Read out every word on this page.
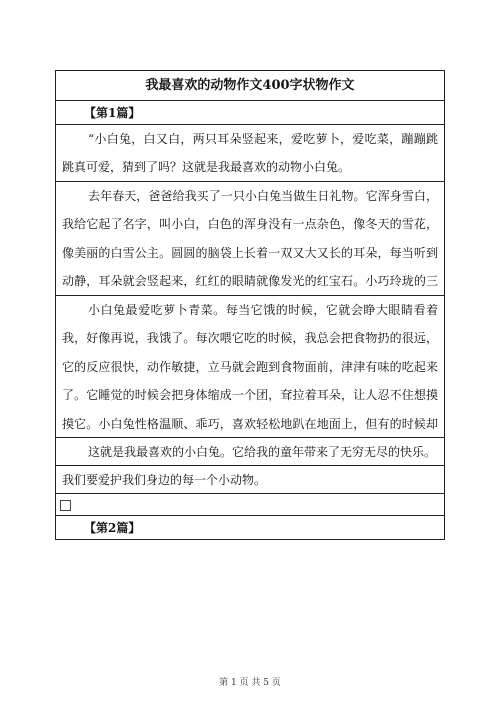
我最喜欢的动物作文400字状物作文
【第1篇】
“小白兔，白又白，两只耳朵竖起来，爱吃萝卜，爱吃菜，蹦蹦跳跳真可爱，猜到了吗？这就是我最喜欢的动物小白兔。
去年春天，爸爸给我买了一只小白兔当做生日礼物。它浑身雪白，我给它起了名字，叫小白，白色的浑身没有一点杂色，像冬天的雪花，像美丽的白雪公主。圆圆的脑袋上长着一双又大又长的耳朵，每当听到动静，耳朵就会竖起来，红红的眼睛就像发光的红宝石。小巧玲珑的三
小白兔最爱吃萝卜青菜。每当它饿的时候，它就会睁大眼睛看着我，好像再说，我饿了。每次喂它吃的时候，我总会把食物扔的很远，它的反应很快，动作敏捷，立马就会跑到食物面前，津津有味的吃起来了。它睡觉的时候会把身体缩成一个团，耷拉着耳朵，让人忍不住想摸摸它。小白兔性格温顺、乖巧，喜欢轻松地趴在地面上，但有的时候却
这就是我最喜欢的小白兔。它给我的童年带来了无穷无尽的快乐。
我们要爱护我们身边的每一个小动物。
【第2篇】
第 1 页 共 5 页
